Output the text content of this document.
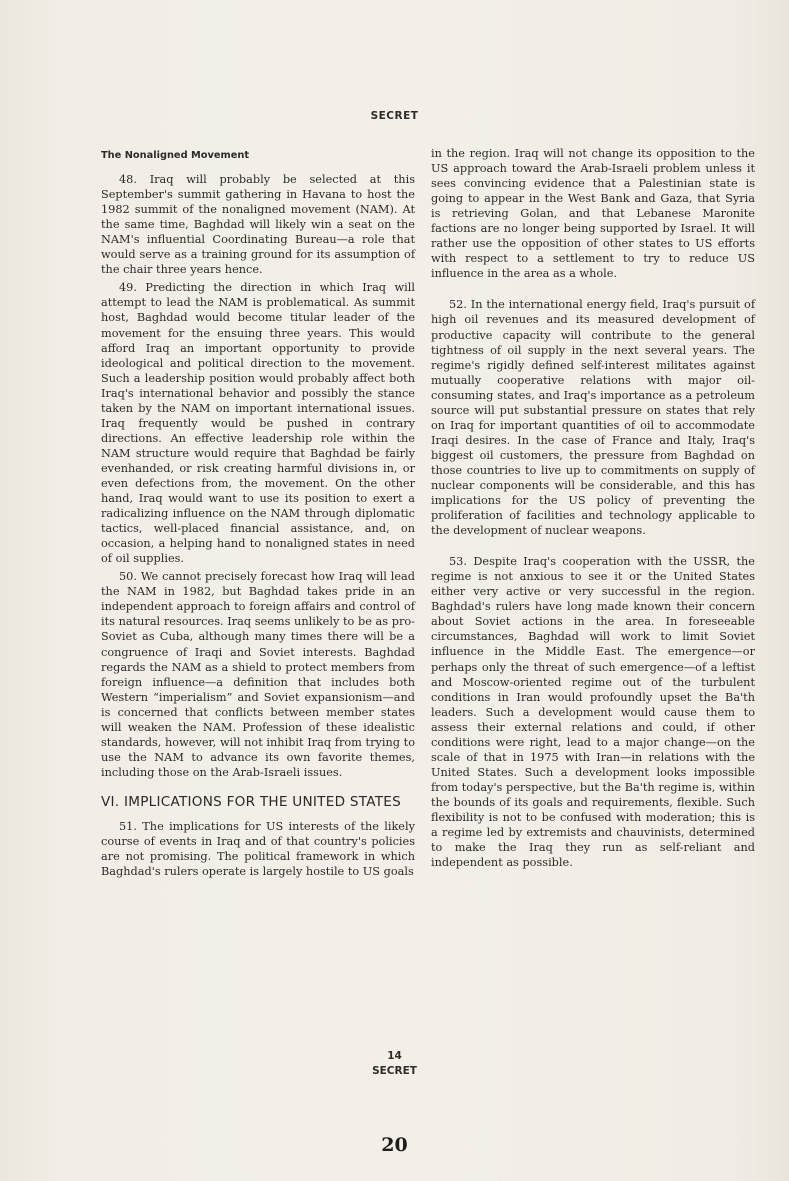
SECRET
The Nonaligned Movement

48. Iraq will probably be selected at this September's summit gathering in Havana to host the 1982 summit of the nonaligned movement (NAM). At the same time, Baghdad will likely win a seat on the NAM's influential Coordinating Bureau—a role that would serve as a training ground for its assumption of the chair three years hence.

49. Predicting the direction in which Iraq will attempt to lead the NAM is problematical. As summit host, Baghdad would become titular leader of the movement for the ensuing three years. This would afford Iraq an important opportunity to provide ideological and political direction to the movement. Such a leadership position would probably affect both Iraq's international behavior and possibly the stance taken by the NAM on important international issues. Iraq frequently would be pushed in contrary directions. An effective leadership role within the NAM structure would require that Baghdad be fairly evenhanded, or risk creating harmful divisions in, or even defections from, the movement. On the other hand, Iraq would want to use its position to exert a radicalizing influence on the NAM through diplomatic tactics, well-placed financial assistance, and, on occasion, a helping hand to nonaligned states in need of oil supplies.

50. We cannot precisely forecast how Iraq will lead the NAM in 1982, but Baghdad takes pride in an independent approach to foreign affairs and control of its natural resources. Iraq seems unlikely to be as pro-Soviet as Cuba, although many times there will be a congruence of Iraqi and Soviet interests. Baghdad regards the NAM as a shield to protect members from foreign influence—a definition that includes both Western “imperialism” and Soviet expansionism—and is concerned that conflicts between member states will weaken the NAM. Profession of these idealistic standards, however, will not inhibit Iraq from trying to use the NAM to advance its own favorite themes, including those on the Arab-Israeli issues.

VI. IMPLICATIONS FOR THE UNITED STATES

51. The implications for US interests of the likely course of events in Iraq and of that country's policies are not promising. The political framework in which Baghdad's rulers operate is largely hostile to US goals

in the region. Iraq will not change its opposition to the US approach toward the Arab-Israeli problem unless it sees convincing evidence that a Palestinian state is going to appear in the West Bank and Gaza, that Syria is retrieving Golan, and that Lebanese Maronite factions are no longer being supported by Israel. It will rather use the opposition of other states to US efforts with respect to a settlement to try to reduce US influence in the area as a whole.

52. In the international energy field, Iraq's pursuit of high oil revenues and its measured development of productive capacity will contribute to the general tightness of oil supply in the next several years. The regime's rigidly defined self-interest militates against mutually cooperative relations with major oil-consuming states, and Iraq's importance as a petroleum source will put substantial pressure on states that rely on Iraq for important quantities of oil to accommodate Iraqi desires. In the case of France and Italy, Iraq's biggest oil customers, the pressure from Baghdad on those countries to live up to commitments on supply of nuclear components will be considerable, and this has implications for the US policy of preventing the proliferation of facilities and technology applicable to the development of nuclear weapons.

53. Despite Iraq's cooperation with the USSR, the regime is not anxious to see it or the United States either very active or very successful in the region. Baghdad's rulers have long made known their concern about Soviet actions in the area. In foreseeable circumstances, Baghdad will work to limit Soviet influence in the Middle East. The emergence—or perhaps only the threat of such emergence—of a leftist and Moscow-oriented regime out of the turbulent conditions in Iran would profoundly upset the Ba'th leaders. Such a development would cause them to assess their external relations and could, if other conditions were right, lead to a major change—on the scale of that in 1975 with Iran—in relations with the United States. Such a development looks impossible from today's perspective, but the Ba'th regime is, within the bounds of its goals and requirements, flexible. Such flexibility is not to be confused with moderation; this is a regime led by extremists and chauvinists, determined to make the Iraq they run as self-reliant and independent as possible.

14
SECRET
20
